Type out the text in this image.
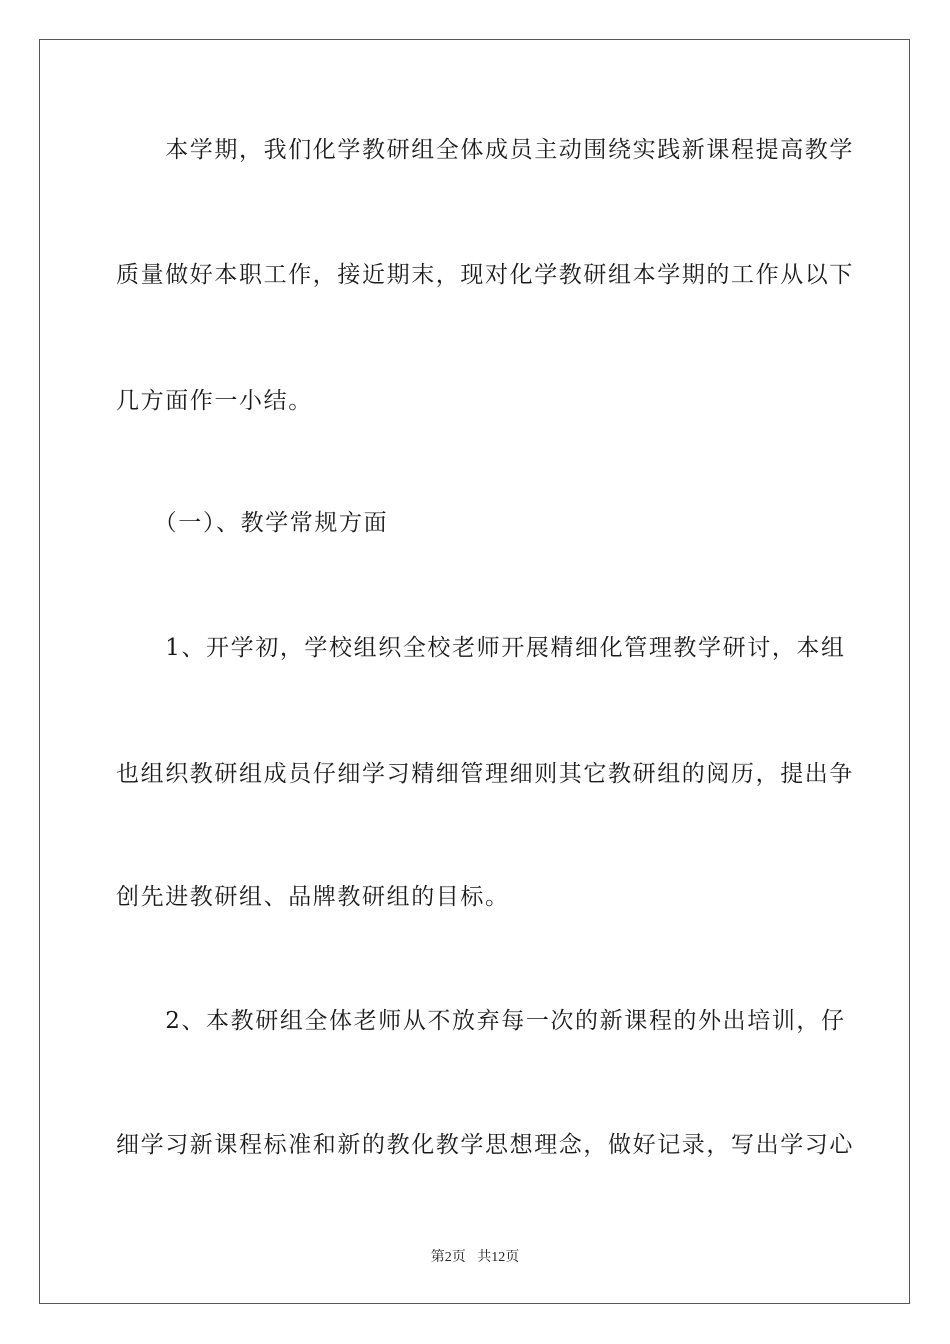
　　本学期，我们化学教研组全体成员主动围绕实践新课程提高教学
质量做好本职工作，接近期末，现对化学教研组本学期的工作从以下
几方面作一小结。
　　（一）、教学常规方面
　　1、开学初，学校组织全校老师开展精细化管理教学研讨，本组
也组织教研组成员仔细学习精细管理细则其它教研组的阅历，提出争
创先进教研组、品牌教研组的目标。
　　2、本教研组全体老师从不放弃每一次的新课程的外出培训，仔
细学习新课程标准和新的教化教学思想理念，做好记录，写出学习心
第2页 共12页
